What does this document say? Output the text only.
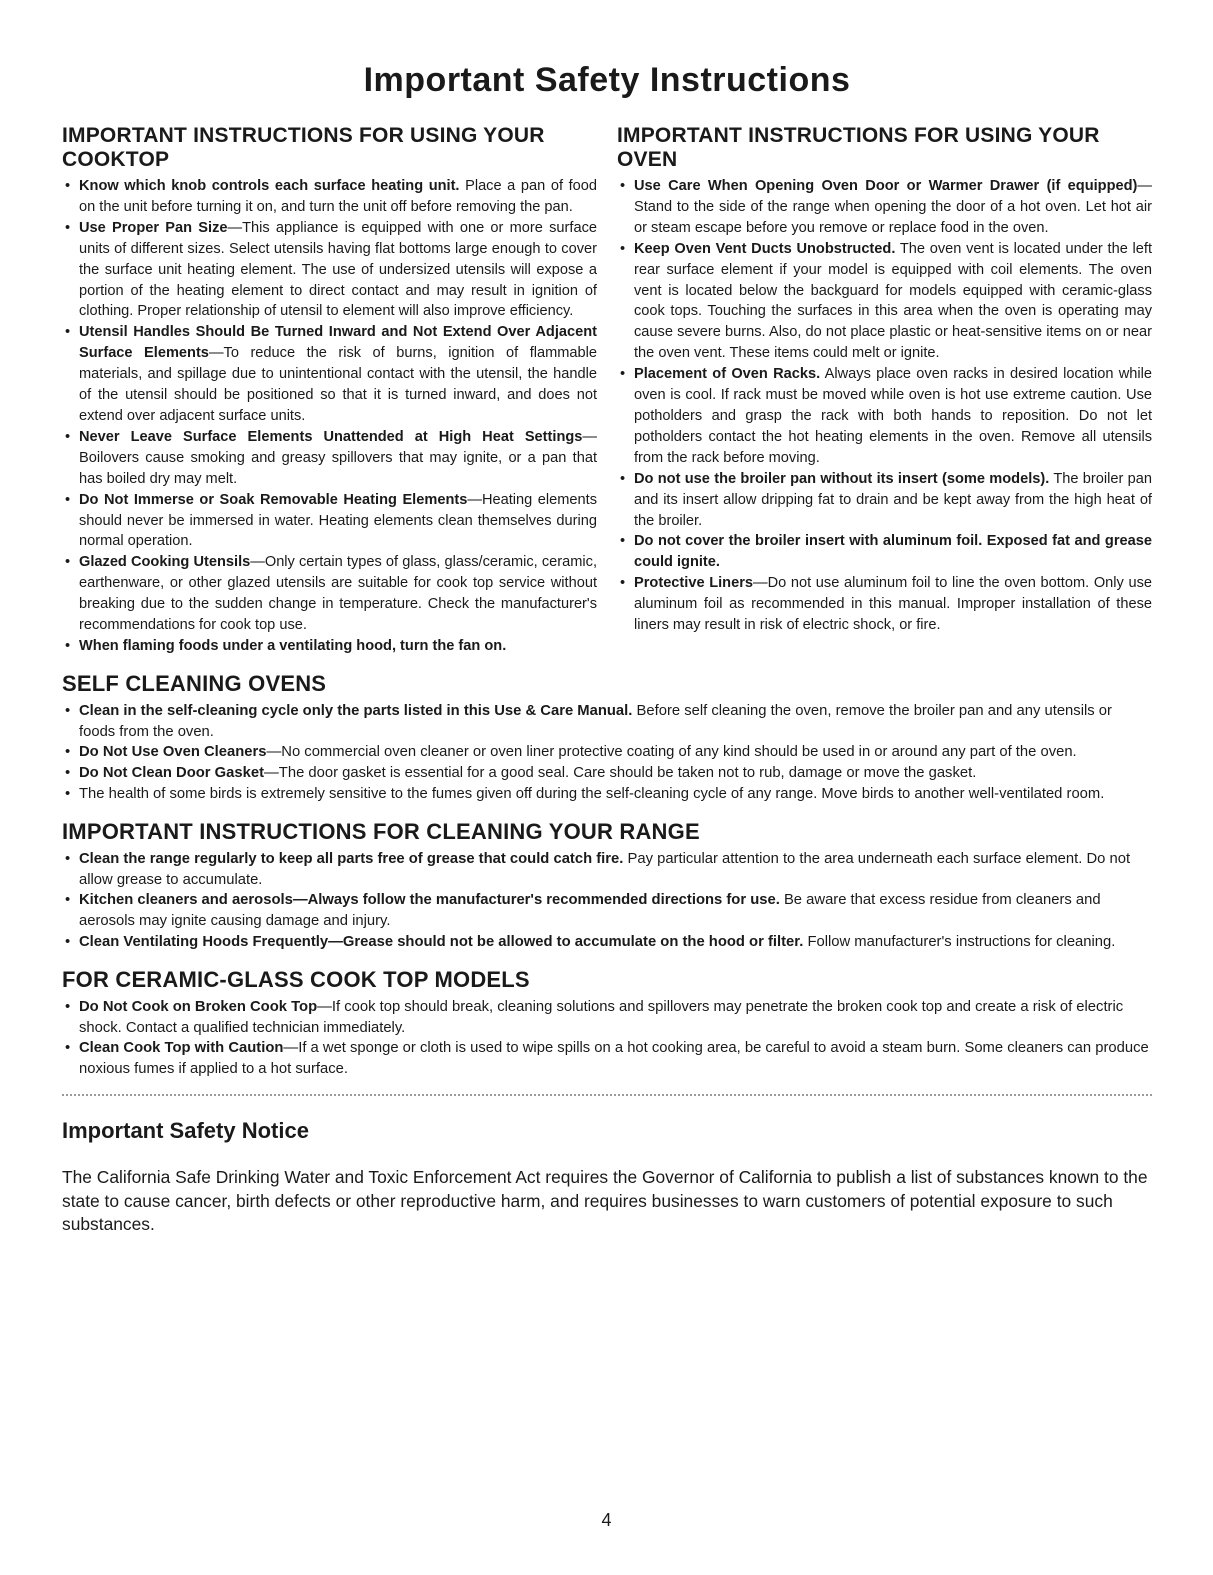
Important Safety Instructions
IMPORTANT INSTRUCTIONS FOR USING YOUR COOKTOP
• Know which knob controls each surface heating unit. Place a pan of food on the unit before turning it on, and turn the unit off before removing the pan.
• Use Proper Pan Size—This appliance is equipped with one or more surface units of different sizes. Select utensils having flat bottoms large enough to cover the surface unit heating element. The use of undersized utensils will expose a portion of the heating element to direct contact and may result in ignition of clothing. Proper relationship of utensil to element will also improve efficiency.
• Utensil Handles Should Be Turned Inward and Not Extend Over Adjacent Surface Elements—To reduce the risk of burns, ignition of flammable materials, and spillage due to unintentional contact with the utensil, the handle of the utensil should be positioned so that it is turned inward, and does not extend over adjacent surface units.
• Never Leave Surface Elements Unattended at High Heat Settings—Boilovers cause smoking and greasy spillovers that may ignite, or a pan that has boiled dry may melt.
• Do Not Immerse or Soak Removable Heating Elements—Heating elements should never be immersed in water. Heating elements clean themselves during normal operation.
• Glazed Cooking Utensils—Only certain types of glass, glass/ceramic, ceramic, earthenware, or other glazed utensils are suitable for cook top service without breaking due to the sudden change in temperature. Check the manufacturer's recommendations for cook top use.
• When flaming foods under a ventilating hood, turn the fan on.
IMPORTANT INSTRUCTIONS FOR USING YOUR OVEN
• Use Care When Opening Oven Door or Warmer Drawer (if equipped)—Stand to the side of the range when opening the door of a hot oven. Let hot air or steam escape before you remove or replace food in the oven.
• Keep Oven Vent Ducts Unobstructed. The oven vent is located under the left rear surface element if your model is equipped with coil elements. The oven vent is located below the backguard for models equipped with ceramic-glass cook tops. Touching the surfaces in this area when the oven is operating may cause severe burns. Also, do not place plastic or heat-sensitive items on or near the oven vent. These items could melt or ignite.
• Placement of Oven Racks. Always place oven racks in desired location while oven is cool. If rack must be moved while oven is hot use extreme caution. Use potholders and grasp the rack with both hands to reposition. Do not let potholders contact the hot heating elements in the oven. Remove all utensils from the rack before moving.
• Do not use the broiler pan without its insert (some models). The broiler pan and its insert allow dripping fat to drain and be kept away from the high heat of the broiler.
• Do not cover the broiler insert with aluminum foil. Exposed fat and grease could ignite.
• Protective Liners—Do not use aluminum foil to line the oven bottom. Only use aluminum foil as recommended in this manual. Improper installation of these liners may result in risk of electric shock, or fire.
SELF CLEANING OVENS
• Clean in the self-cleaning cycle only the parts listed in this Use & Care Manual. Before self cleaning the oven, remove the broiler pan and any utensils or foods from the oven.
• Do Not Use Oven Cleaners—No commercial oven cleaner or oven liner protective coating of any kind should be used in or around any part of the oven.
• Do Not Clean Door Gasket—The door gasket is essential for a good seal. Care should be taken not to rub, damage or move the gasket.
• The health of some birds is extremely sensitive to the fumes given off during the self-cleaning cycle of any range. Move birds to another well-ventilated room.
IMPORTANT INSTRUCTIONS FOR CLEANING YOUR RANGE
• Clean the range regularly to keep all parts free of grease that could catch fire. Pay particular attention to the area underneath each surface element. Do not allow grease to accumulate.
• Kitchen cleaners and aerosols—Always follow the manufacturer's recommended directions for use. Be aware that excess residue from cleaners and aerosols may ignite causing damage and injury.
• Clean Ventilating Hoods Frequently—Grease should not be allowed to accumulate on the hood or filter. Follow manufacturer's instructions for cleaning.
FOR CERAMIC-GLASS COOK TOP MODELS
• Do Not Cook on Broken Cook Top—If cook top should break, cleaning solutions and spillovers may penetrate the broken cook top and create a risk of electric shock. Contact a qualified technician immediately.
• Clean Cook Top with Caution—If a wet sponge or cloth is used to wipe spills on a hot cooking area, be careful to avoid a steam burn. Some cleaners can produce noxious fumes if applied to a hot surface.
Important Safety Notice

The California Safe Drinking Water and Toxic Enforcement Act requires the Governor of California to publish a list of substances known to the state to cause cancer, birth defects or other reproductive harm, and requires businesses to warn customers of potential exposure to such substances.

4
